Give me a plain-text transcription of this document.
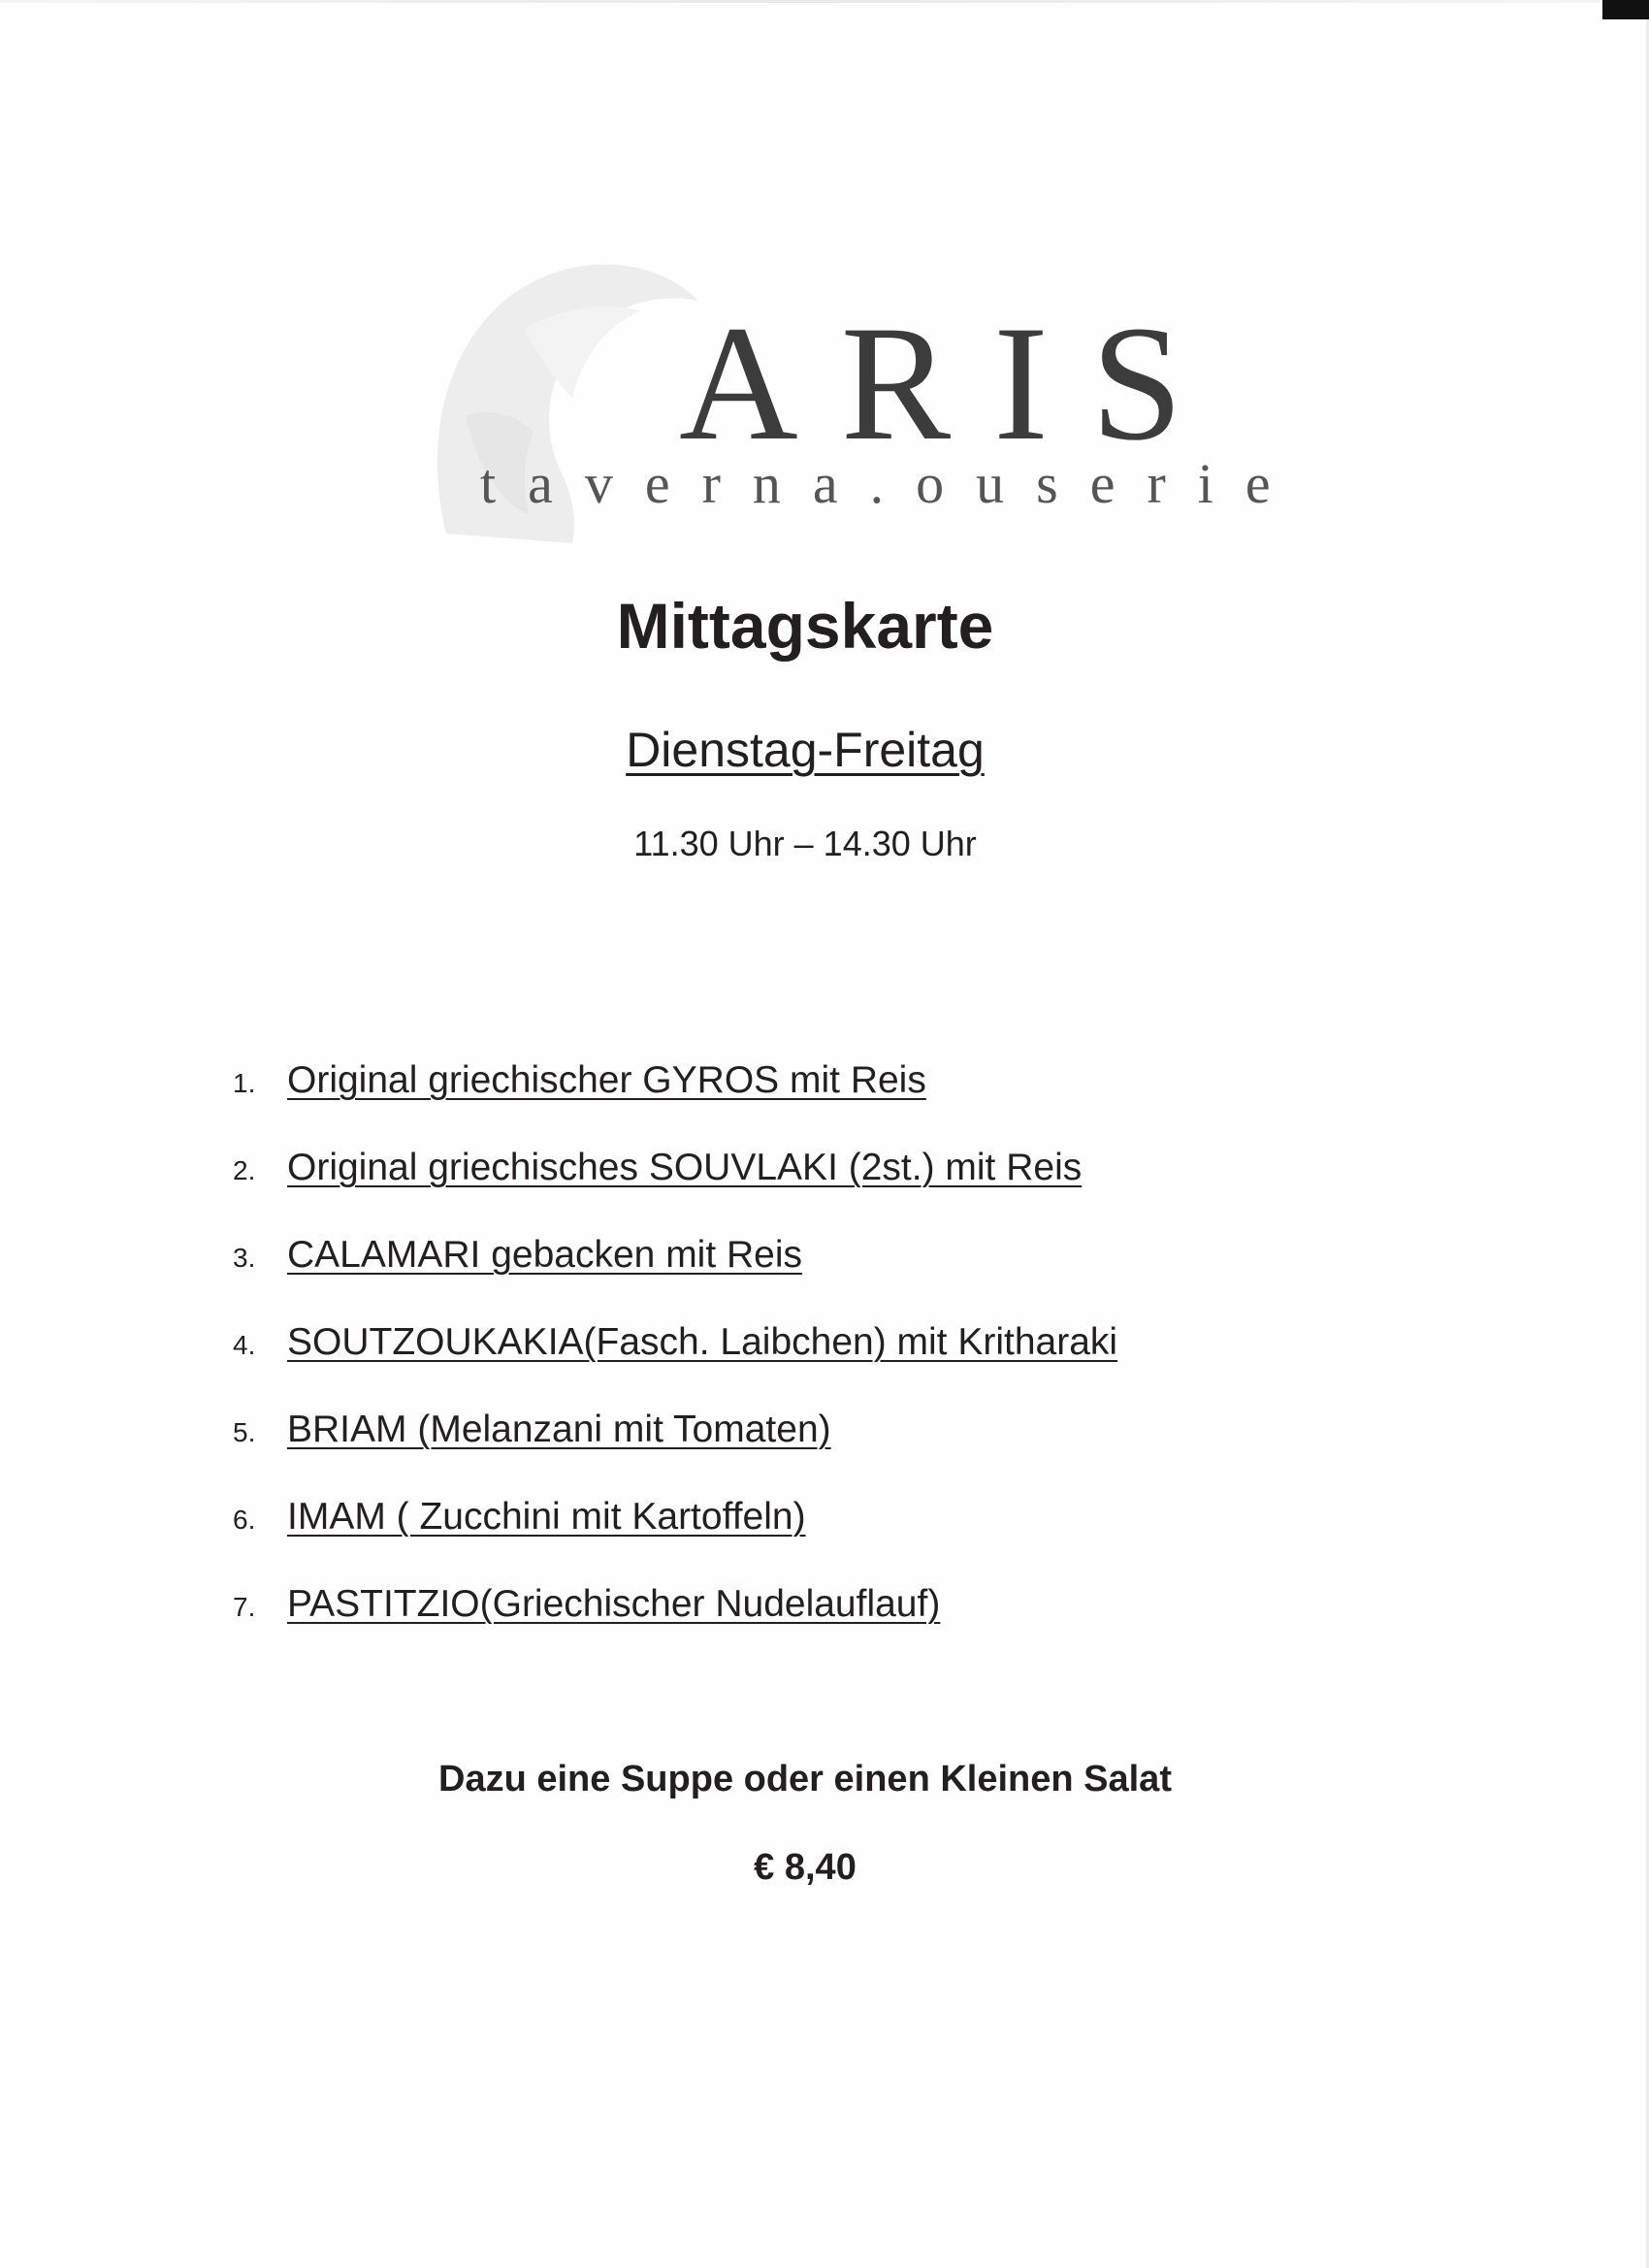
ARIS
taverna.ouserie
Mittagskarte
Dienstag-Freitag
11.30 Uhr – 14.30 Uhr
1. Original griechischer GYROS mit Reis
2. Original griechisches SOUVLAKI (2st.) mit Reis
3. CALAMARI gebacken mit Reis
4. SOUTZOUKAKIA(Fasch. Laibchen) mit Kritharaki
5. BRIAM (Melanzani mit Tomaten)
6. IMAM ( Zucchini mit Kartoffeln)
7. PASTITZIO(Griechischer Nudelauflauf)
Dazu eine Suppe oder einen Kleinen Salat
€ 8,40
